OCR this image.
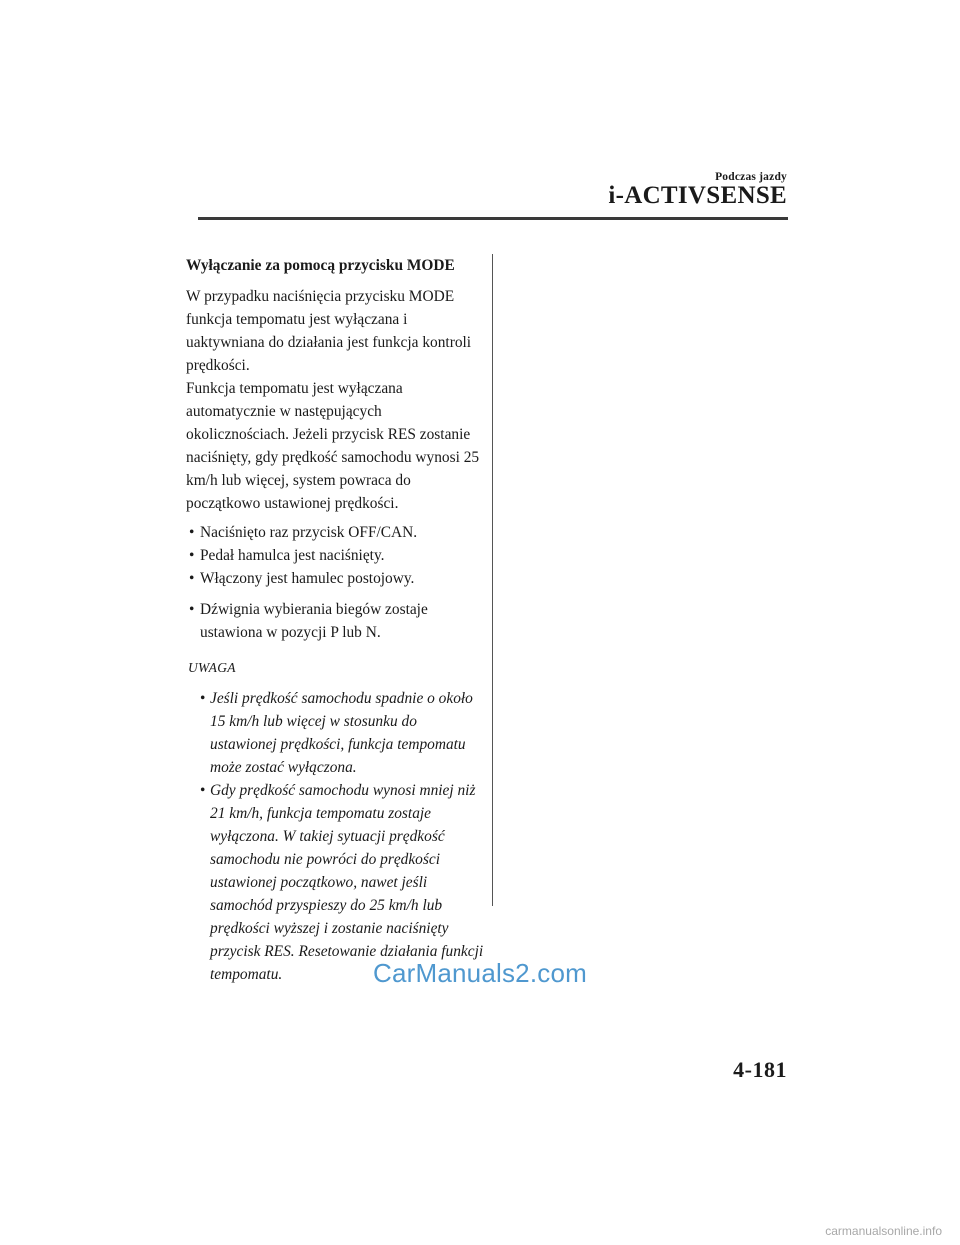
Podczas jazdy
i-ACTIVSENSE

Wyłączanie za pomocą przycisku MODE

W przypadku naciśnięcia przycisku MODE funkcja tempomatu jest wyłączana i uaktywniana do działania jest funkcja kontroli prędkości.

Funkcja tempomatu jest wyłączana automatycznie w następujących okolicznościach. Jeżeli przycisk RES zostanie naciśnięty, gdy prędkość samochodu wynosi 25 km/h lub więcej, system powraca do początkowo ustawionej prędkości.

• Naciśnięto raz przycisk OFF/CAN.
• Pedał hamulca jest naciśnięty.
• Włączony jest hamulec postojowy.
• Dźwignia wybierania biegów zostaje ustawiona w pozycji P lub N.

UWAGA

• Jeśli prędkość samochodu spadnie o około 15 km/h lub więcej w stosunku do ustawionej prędkości, funkcja tempomatu może zostać wyłączona.
• Gdy prędkość samochodu wynosi mniej niż 21 km/h, funkcja tempomatu zostaje wyłączona. W takiej sytuacji prędkość samochodu nie powróci do prędkości ustawionej początkowo, nawet jeśli samochód przyspieszy do 25 km/h lub prędkości wyższej i zostanie naciśnięty przycisk RES. Resetowanie działania funkcji tempomatu.	CarManuals2.com
4-181
carmanualsonline.info
